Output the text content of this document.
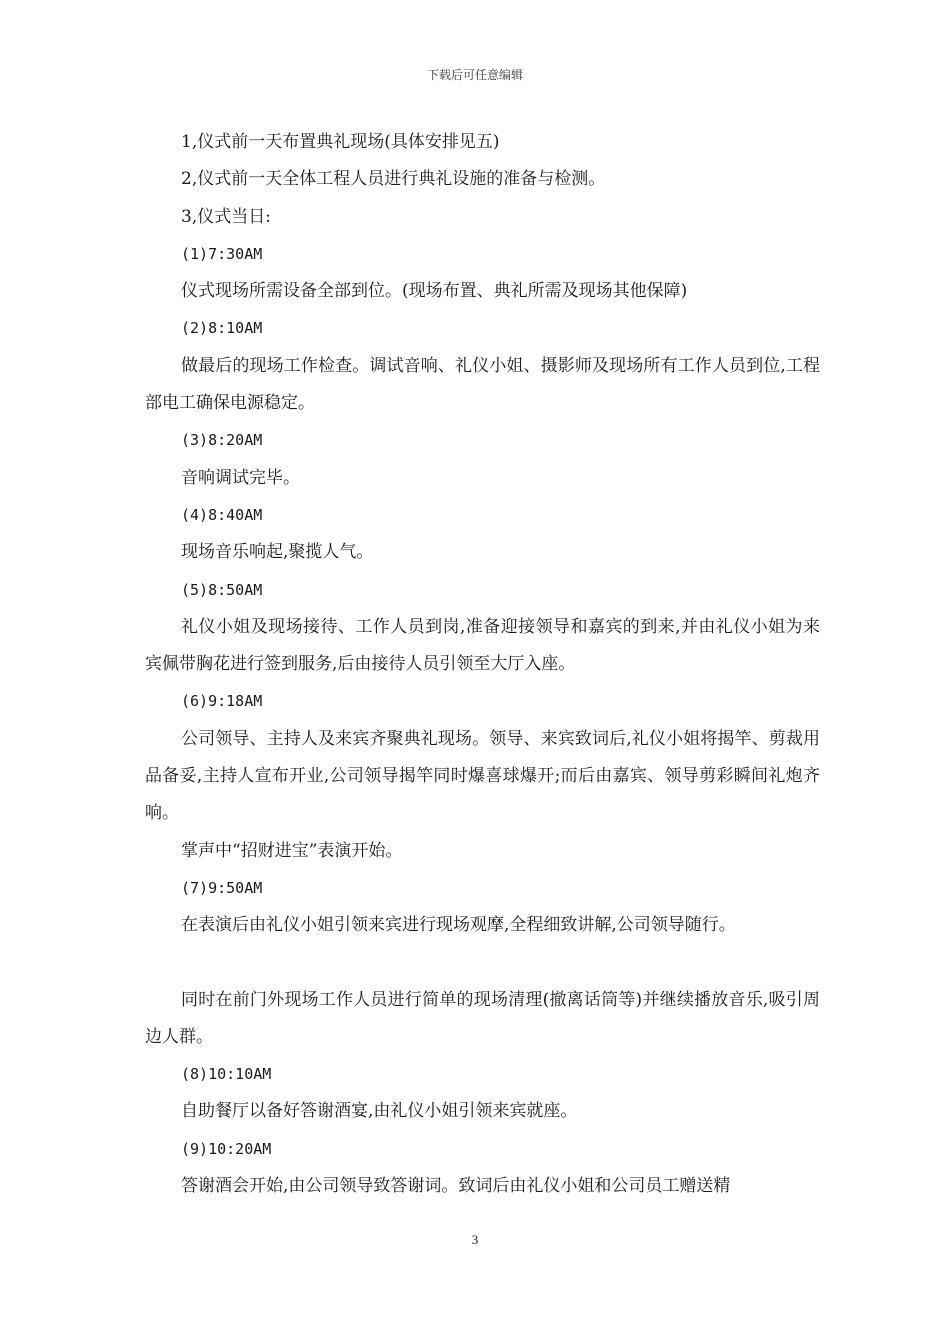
下载后可任意编辑

1,仪式前一天布置典礼现场(具体安排见五)

2,仪式前一天全体工程人员进行典礼设施的准备与检测。

3,仪式当日:

(1)7:30AM

仪式现场所需设备全部到位。(现场布置、典礼所需及现场其他保障)

(2)8:10AM

做最后的现场工作检查。调试音响、礼仪小姐、摄影师及现场所有工作人员到位,工程部电工确保电源稳定。

(3)8:20AM

音响调试完毕。

(4)8:40AM

现场音乐响起,聚揽人气。

(5)8:50AM

礼仪小姐及现场接待、工作人员到岗,准备迎接领导和嘉宾的到来,并由礼仪小姐为来宾佩带胸花进行签到服务,后由接待人员引领至大厅入座。

(6)9:18AM

公司领导、主持人及来宾齐聚典礼现场。领导、来宾致词后,礼仪小姐将揭竿、剪裁用品备妥,主持人宣布开业,公司领导揭竿同时爆喜球爆开;而后由嘉宾、领导剪彩瞬间礼炮齐响。

掌声中“招财进宝”表演开始。

(7)9:50AM

在表演后由礼仪小姐引领来宾进行现场观摩,全程细致讲解,公司领导随行。

同时在前门外现场工作人员进行简单的现场清理(撤离话筒等)并继续播放音乐,吸引周边人群。

(8)10:10AM

自助餐厅以备好答谢酒宴,由礼仪小姐引领来宾就座。

(9)10:20AM

答谢酒会开始,由公司领导致答谢词。致词后由礼仪小姐和公司员工赠送精

3
